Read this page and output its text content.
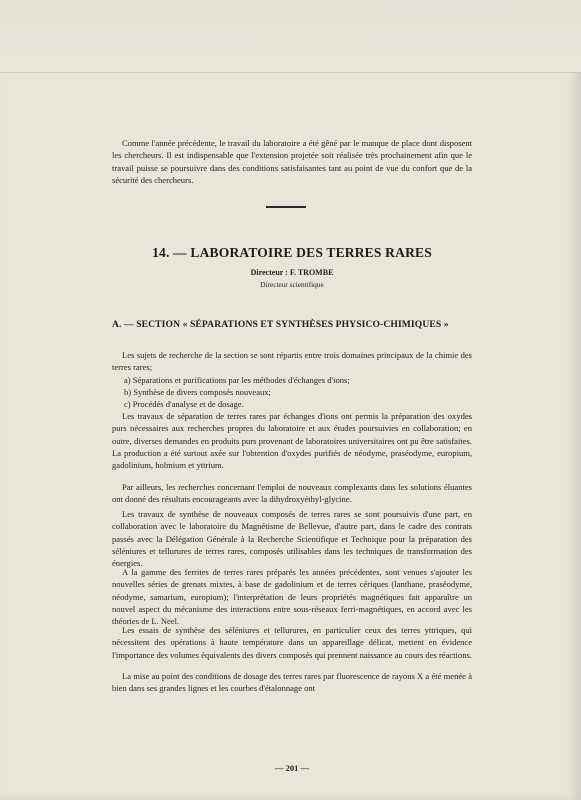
Comme l'année précédente, le travail du laboratoire a été gêné par le manque de place dont disposent les chercheurs. Il est indispensable que l'extension projetée soit réalisée très prochainement afin que le travail puisse se poursuivre dans des conditions satisfaisantes tant au point de vue du confort que de la sécurité des chercheurs.

14. — LABORATOIRE DES TERRES RARES

Directeur : F. TROMBE

Directeur scientifique

A. — SECTION « SÉPARATIONS ET SYNTHÈSES PHYSICO-CHIMIQUES »

Les sujets de recherche de la section se sont répartis entre trois domaines principaux de la chimie des terres rares;

a) Séparations et purifications par les méthodes d'échanges d'ions;

b) Synthèse de divers composés nouveaux;

c) Procédés d'analyse et de dosage.

Les travaux de séparation de terres rares par échanges d'ions ont permis la préparation des oxydes purs nécessaires aux recherches propres du laboratoire et aux études poursuivies en collaboration; en outre, diverses demandes en produits purs provenant de laboratoires universitaires ont pu être satisfaites. La production a été surtout axée sur l'obtention d'oxydes purifiés de néodyme, praséodyme, europium, gadolinium, holmium et yttrium.

Par ailleurs, les recherches concernant l'emploi de nouveaux complexants dans les solutions éluantes ont donné des résultats encourageants avec la dihydroxyéthyl-glycine.

Les travaux de synthèse de nouveaux composés de terres rares se sont poursuivis d'une part, en collaboration avec le laboratoire du Magnétisme de Bellevue, d'autre part, dans le cadre des contrats passés avec la Délégation Générale à la Recherche Scientifique et Technique pour la préparation des séléniures et tellurures de terres rares, composés utilisables dans les techniques de transformation des énergies.

A la gamme des ferrites de terres rares préparés les années précédentes, sont venues s'ajouter les nouvelles séries de grenats mixtes, à base de gadolinium et de terres cériques (lanthane, praséodyme, néodyme, samarium, europium); l'interprétation de leurs propriétés magnétiques fait apparaître un nouvel aspect du mécanisme des interactions entre sous-réseaux ferri-magnétiques, en accord avec les théories de L. Neel.

Les essais de synthèse des séléniures et tellurures, en particulier ceux des terres yttriques, qui nécessitent des opérations à haute température dans un appareillage délicat, mettent en évidence l'importance des volumes équivalents des divers composés qui prennent naissance au cours des réactions.

La mise au point des conditions de dosage des terres rares par fluorescence de rayons X a été menée à bien dans ses grandes lignes et les courbes d'étalonnage ont

— 201 —
